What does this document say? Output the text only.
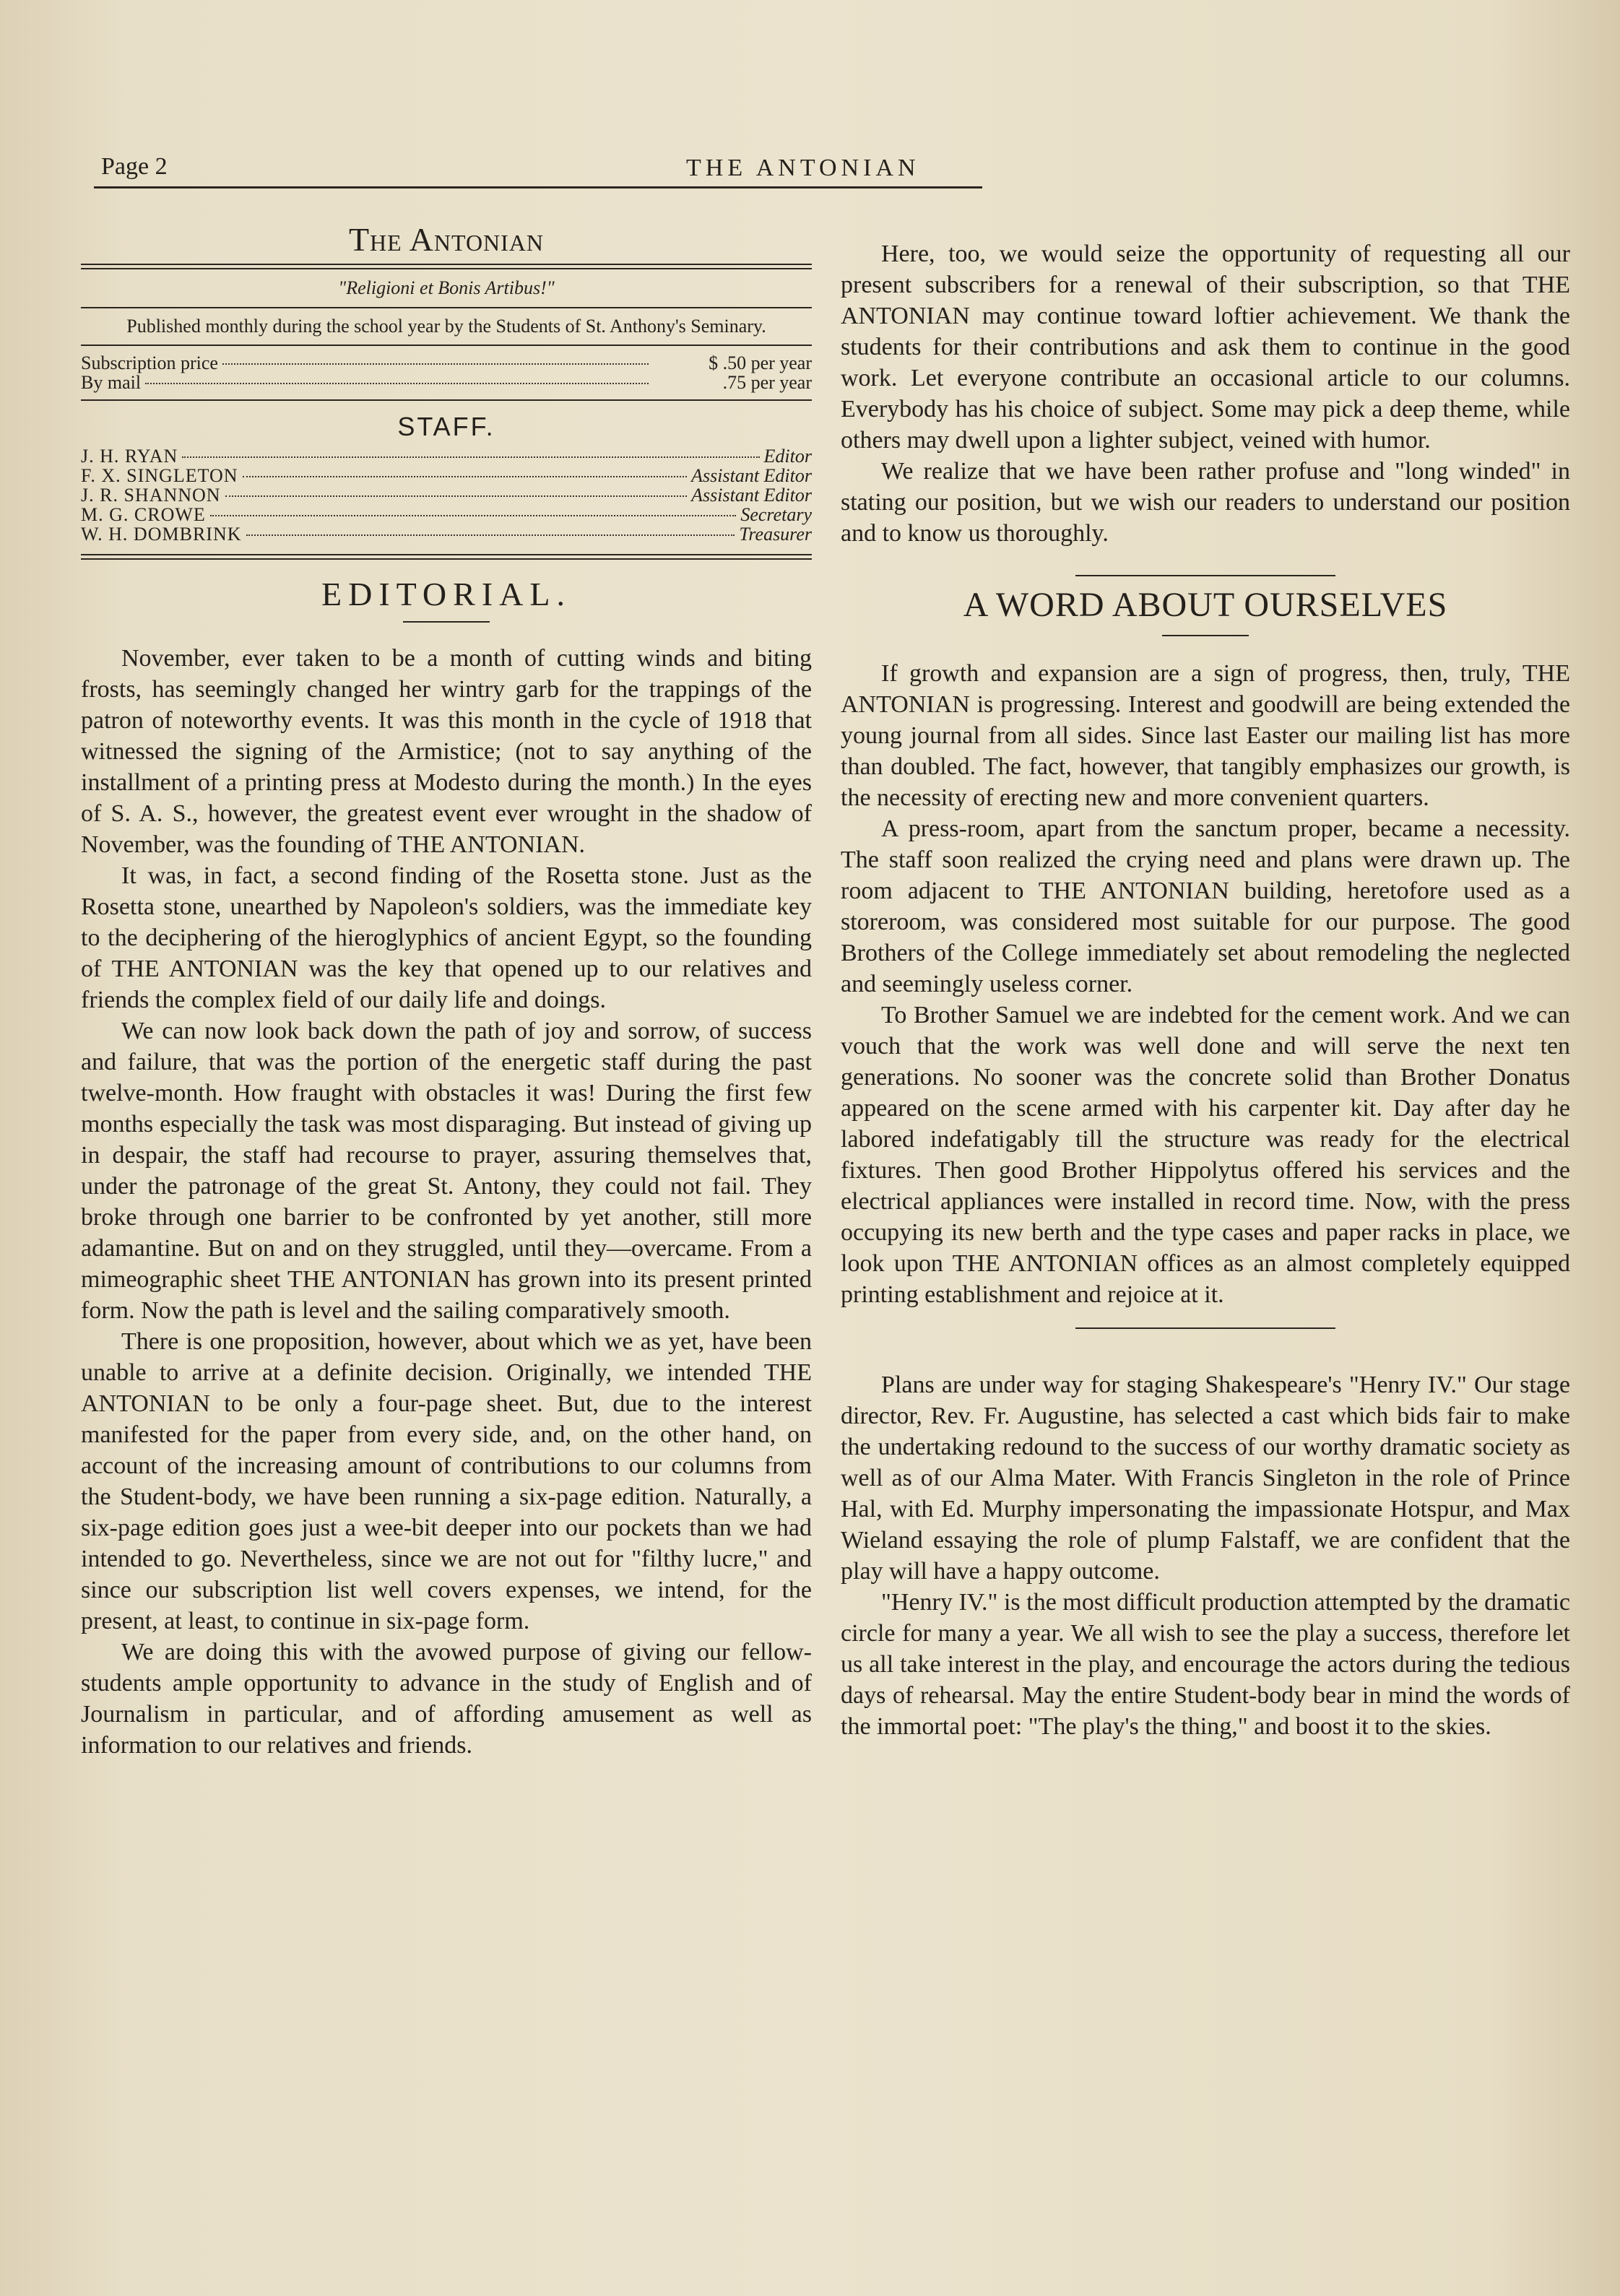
Page 2	THE ANTONIAN
The Antonian
"Religioni et Bonis Artibus!"
Published monthly during the school year by the Students of St. Anthony's Seminary.
Subscription price	$ .50 per year
By mail	.75 per year
STAFF.
J. H. RYAN	Editor
F. X. SINGLETON	Assistant Editor
J. R. SHANNON	Assistant Editor
M. G. CROWE	Secretary
W. H. DOMBRINK	Treasurer
EDITORIAL.

November, ever taken to be a month of cutting winds and biting frosts, has seemingly changed her wintry garb for the trappings of the patron of noteworthy events. It was this month in the cycle of 1918 that witnessed the signing of the Armistice; (not to say anything of the installment of a printing press at Modesto during the month.) In the eyes of S. A. S., however, the greatest event ever wrought in the shadow of November, was the founding of THE ANTONIAN.

It was, in fact, a second finding of the Rosetta stone. Just as the Rosetta stone, unearthed by Napoleon's soldiers, was the immediate key to the deciphering of the hieroglyphics of ancient Egypt, so the founding of THE ANTONIAN was the key that opened up to our relatives and friends the complex field of our daily life and doings.

We can now look back down the path of joy and sorrow, of success and failure, that was the portion of the energetic staff during the past twelve-month. How fraught with obstacles it was! During the first few months especially the task was most disparaging. But instead of giving up in despair, the staff had recourse to prayer, assuring themselves that, under the patronage of the great St. Antony, they could not fail. They broke through one barrier to be confronted by yet another, still more adamantine. But on and on they struggled, until they—overcame. From a mimeographic sheet THE ANTONIAN has grown into its present printed form. Now the path is level and the sailing comparatively smooth.

There is one proposition, however, about which we as yet, have been unable to arrive at a definite decision. Originally, we intended THE ANTONIAN to be only a four-page sheet. But, due to the interest manifested for the paper from every side, and, on the other hand, on account of the increasing amount of contributions to our columns from the Student-body, we have been running a six-page edition. Naturally, a six-page edition goes just a wee-bit deeper into our pockets than we had intended to go. Nevertheless, since we are not out for "filthy lucre," and since our subscription list well covers expenses, we intend, for the present, at least, to continue in six-page form.

We are doing this with the avowed purpose of giving our fellow-students ample opportunity to advance in the study of English and of Journalism in particular, and of affording amusement as well as information to our relatives and friends.

Here, too, we would seize the opportunity of requesting all our present subscribers for a renewal of their subscription, so that THE ANTONIAN may continue toward loftier achievement. We thank the students for their contributions and ask them to continue in the good work. Let everyone contribute an occasional article to our columns. Everybody has his choice of subject. Some may pick a deep theme, while others may dwell upon a lighter subject, veined with humor.

We realize that we have been rather profuse and "long winded" in stating our position, but we wish our readers to understand our position and to know us thoroughly.

A WORD ABOUT OURSELVES

If growth and expansion are a sign of progress, then, truly, THE ANTONIAN is progressing. Interest and goodwill are being extended the young journal from all sides. Since last Easter our mailing list has more than doubled. The fact, however, that tangibly emphasizes our growth, is the necessity of erecting new and more convenient quarters.

A press-room, apart from the sanctum proper, became a necessity. The staff soon realized the crying need and plans were drawn up. The room adjacent to THE ANTONIAN building, heretofore used as a storeroom, was considered most suitable for our purpose. The good Brothers of the College immediately set about remodeling the neglected and seemingly useless corner.

To Brother Samuel we are indebted for the cement work. And we can vouch that the work was well done and will serve the next ten generations. No sooner was the concrete solid than Brother Donatus appeared on the scene armed with his carpenter kit. Day after day he labored indefatigably till the structure was ready for the electrical fixtures. Then good Brother Hippolytus offered his services and the electrical appliances were installed in record time. Now, with the press occupying its new berth and the type cases and paper racks in place, we look upon THE ANTONIAN offices as an almost completely equipped printing establishment and rejoice at it.

Plans are under way for staging Shakespeare's "Henry IV." Our stage director, Rev. Fr. Augustine, has selected a cast which bids fair to make the undertaking redound to the success of our worthy dramatic society as well as of our Alma Mater. With Francis Singleton in the role of Prince Hal, with Ed. Murphy impersonating the impassionate Hotspur, and Max Wieland essaying the role of plump Falstaff, we are confident that the play will have a happy outcome.

"Henry IV." is the most difficult production attempted by the dramatic circle for many a year. We all wish to see the play a success, therefore let us all take interest in the play, and encourage the actors during the tedious days of rehearsal. May the entire Student-body bear in mind the words of the immortal poet: "The play's the thing," and boost it to the skies.
